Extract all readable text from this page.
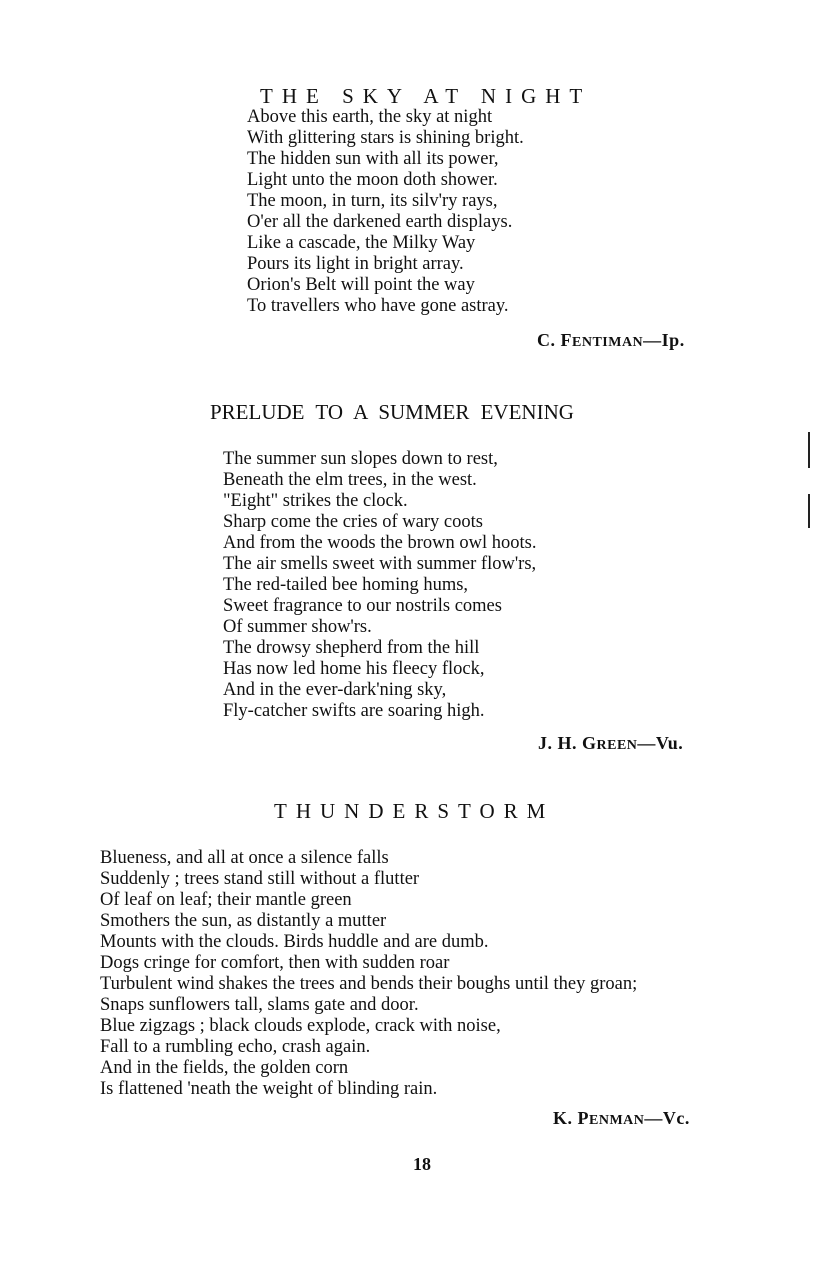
THE SKY AT NIGHT
Above this earth, the sky at night
With glittering stars is shining bright.
The hidden sun with all its power,
Light unto the moon doth shower.
The moon, in turn, its silv'ry rays,
O'er all the darkened earth displays.
Like a cascade, the Milky Way
Pours its light in bright array.
Orion's Belt will point the way
To travellers who have gone astray.
C. FENTIMAN—Ip.
PRELUDE TO A SUMMER EVENING
The summer sun slopes down to rest,
Beneath the elm trees, in the west.
"Eight" strikes the clock.
Sharp come the cries of wary coots
And from the woods the brown owl hoots.
The air smells sweet with summer flow'rs,
The red-tailed bee homing hums,
Sweet fragrance to our nostrils comes
Of summer show'rs.
The drowsy shepherd from the hill
Has now led home his fleecy flock,
And in the ever-dark'ning sky,
Fly-catcher swifts are soaring high.
J. H. GREEN—Vu.
THUNDERSTORM
Blueness, and all at once a silence falls
Suddenly ; trees stand still without a flutter
Of leaf on leaf; their mantle green
Smothers the sun, as distantly a mutter
Mounts with the clouds. Birds huddle and are dumb.
Dogs cringe for comfort, then with sudden roar
Turbulent wind shakes the trees and bends their boughs until they groan;
Snaps sunflowers tall, slams gate and door.
Blue zigzags ; black clouds explode, crack with noise,
Fall to a rumbling echo, crash again.
And in the fields, the golden corn
Is flattened 'neath the weight of blinding rain.
K. PENMAN—Vc.
18
